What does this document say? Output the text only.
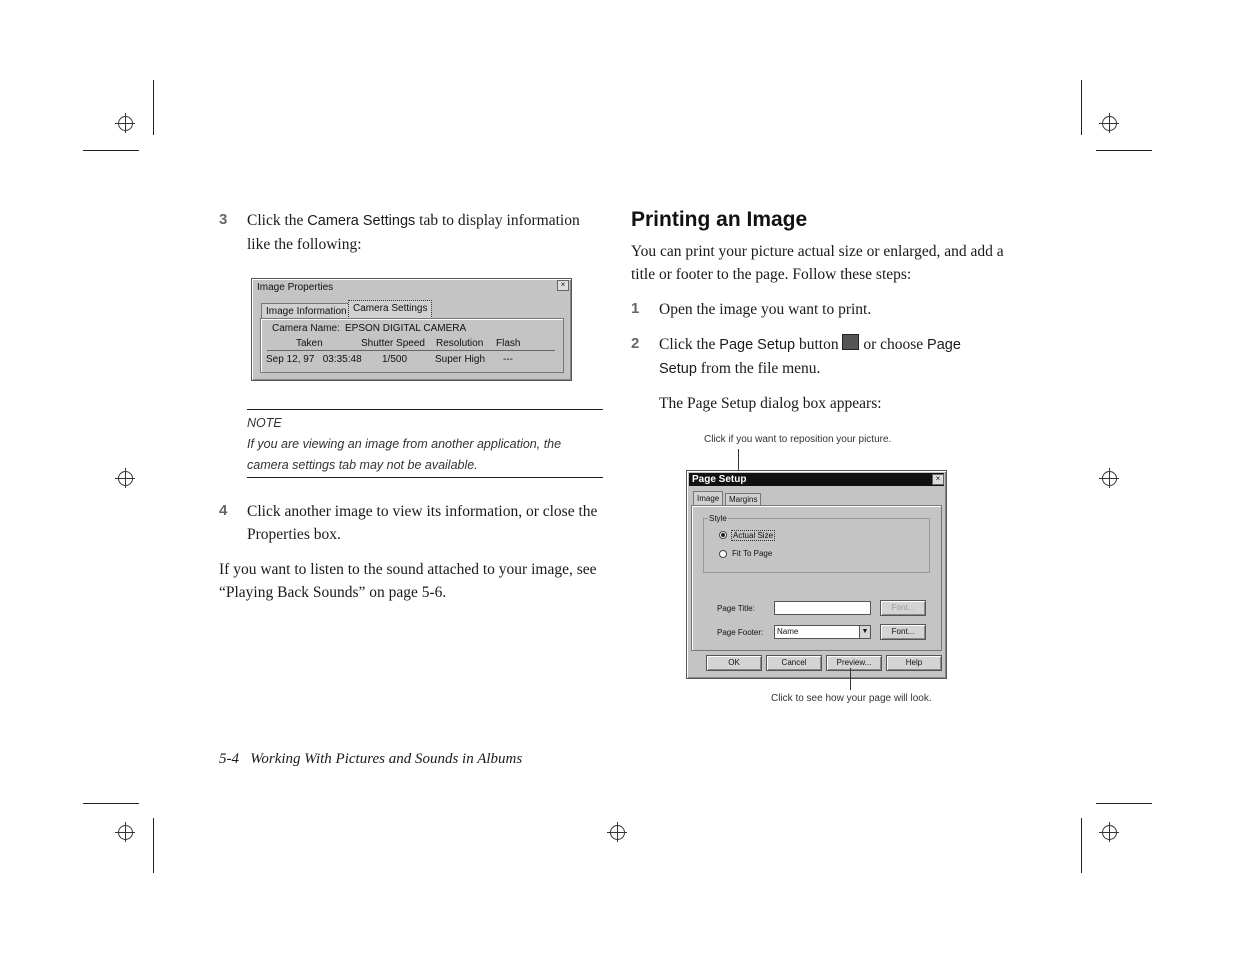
3 Click the Camera Settings tab to display information
like the following:
Image Properties	×
Image Information Camera Settings
Camera Name: EPSON DIGITAL CAMERA
Taken	Shutter Speed Resolution Flash
Sep 12, 97   03:35:48 1/500	Super High ---
NOTE
If you are viewing an image from another application, the
camera settings tab may not be available.
4 Click another image to view its information, or close the
Properties box.
If you want to listen to the sound attached to your image, see
“Playing Back Sounds” on page 5-6.
Printing an Image
You can print your picture actual size or enlarged, and add a
title or footer to the page. Follow these steps:
1 Open the image you want to print.
2 Click the Page Setup button  or choose Page
Setup from the file menu.
The Page Setup dialog box appears:
Click if you want to reposition your picture.
Page Setup	×
Image	Margins
Style
Actual Size
Fit To Page
Page Title:	Font...
Page Footer:	Name	▼	Font...
OK	Cancel	Preview...	Help
Click to see how your page will look.
5-4 Working With Pictures and Sounds in Albums
